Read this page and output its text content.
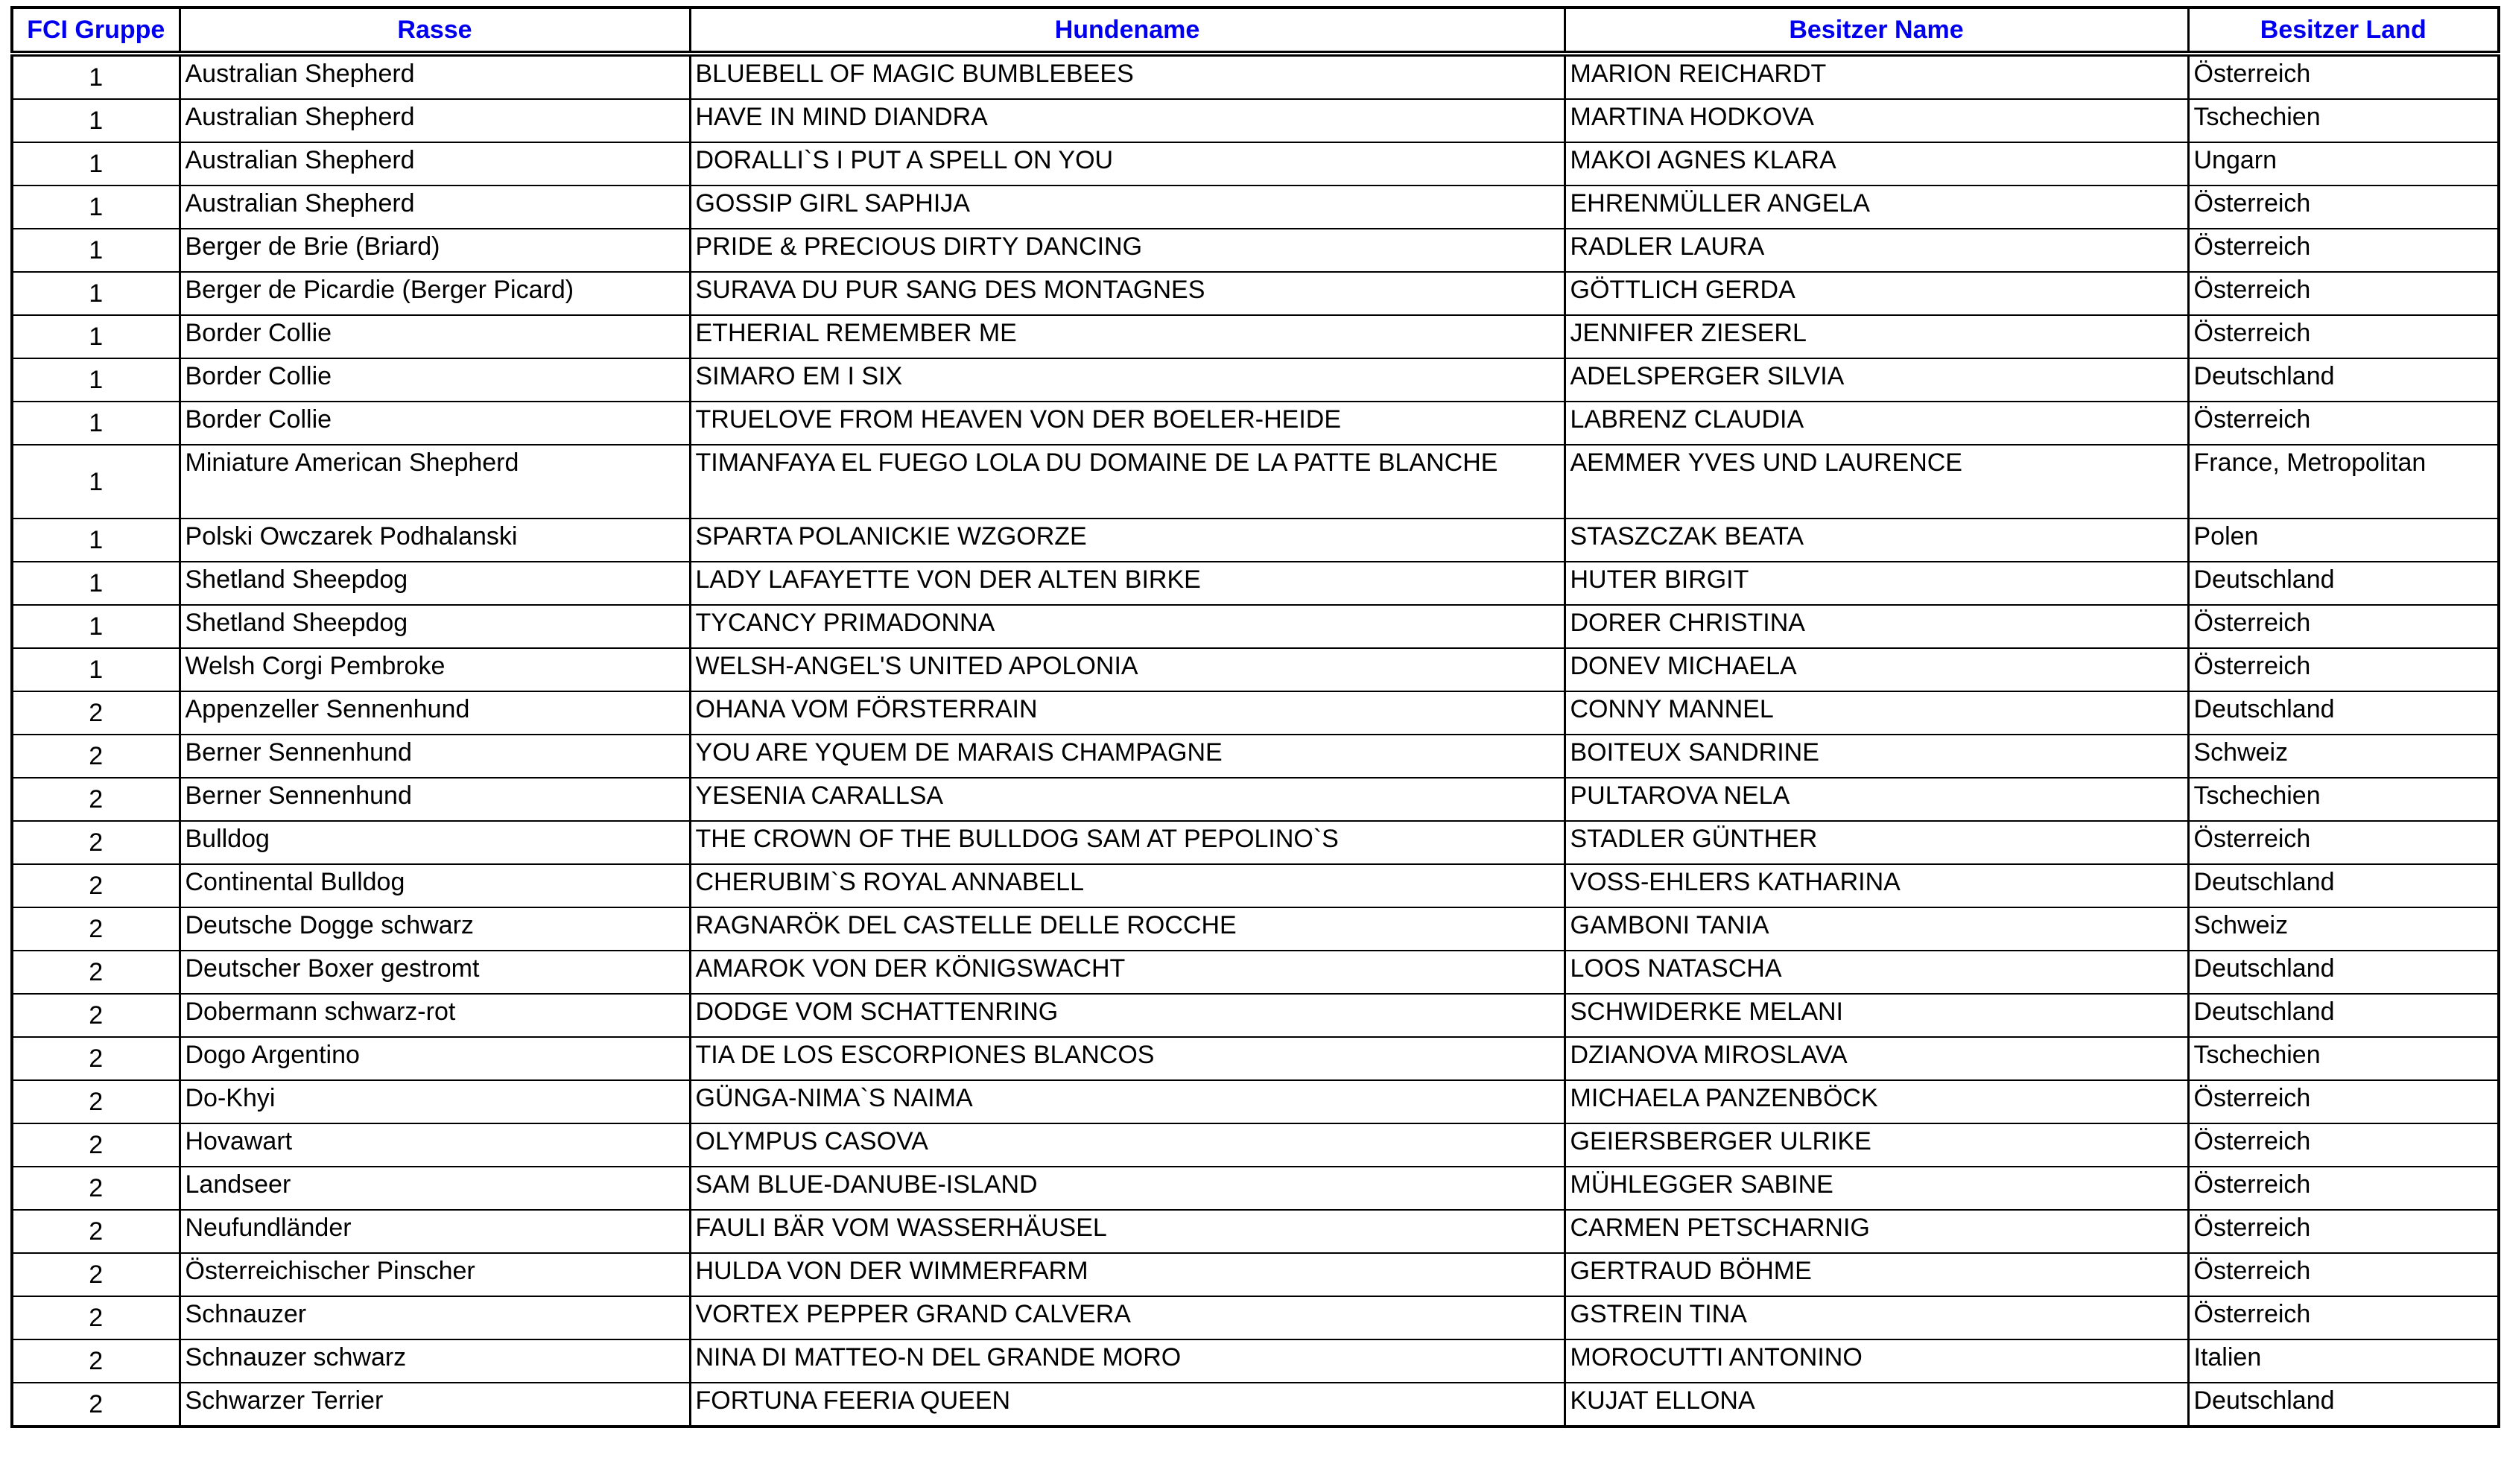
FCI Gruppe	Rasse	Hundename	Besitzer Name	Besitzer Land
1	Australian Shepherd	BLUEBELL OF MAGIC BUMBLEBEES	MARION REICHARDT	Österreich
1	Australian Shepherd	HAVE IN MIND DIANDRA	MARTINA HODKOVA	Tschechien
1	Australian Shepherd	DORALLI`S I PUT A SPELL ON YOU	MAKOI AGNES KLARA	Ungarn
1	Australian Shepherd	GOSSIP GIRL SAPHIJA	EHRENMÜLLER ANGELA	Österreich
1	Berger de Brie (Briard)	PRIDE & PRECIOUS DIRTY DANCING	RADLER LAURA	Österreich
1	Berger de Picardie (Berger Picard)	SURAVA DU PUR SANG DES MONTAGNES	GÖTTLICH GERDA	Österreich
1	Border Collie	ETHERIAL REMEMBER ME	JENNIFER ZIESERL	Österreich
1	Border Collie	SIMARO EM I SIX	ADELSPERGER SILVIA	Deutschland
1	Border Collie	TRUELOVE FROM HEAVEN VON DER BOELER-HEIDE	LABRENZ CLAUDIA	Österreich
1	Miniature American Shepherd	TIMANFAYA EL FUEGO LOLA DU DOMAINE DE LA PATTE BLANCHE	AEMMER YVES UND LAURENCE	France, Metropolitan
1	Polski Owczarek Podhalanski	SPARTA POLANICKIE WZGORZE	STASZCZAK BEATA	Polen
1	Shetland Sheepdog	LADY LAFAYETTE VON DER ALTEN BIRKE	HUTER BIRGIT	Deutschland
1	Shetland Sheepdog	TYCANCY PRIMADONNA	DORER CHRISTINA	Österreich
1	Welsh Corgi Pembroke	WELSH-ANGEL'S UNITED APOLONIA	DONEV MICHAELA	Österreich
2	Appenzeller Sennenhund	OHANA VOM FÖRSTERRAIN	CONNY MANNEL	Deutschland
2	Berner Sennenhund	YOU ARE YQUEM DE MARAIS CHAMPAGNE	BOITEUX SANDRINE	Schweiz
2	Berner Sennenhund	YESENIA CARALLSA	PULTAROVA NELA	Tschechien
2	Bulldog	THE CROWN OF THE BULLDOG SAM AT PEPOLINO`S	STADLER GÜNTHER	Österreich
2	Continental Bulldog	CHERUBIM`S ROYAL ANNABELL	VOSS-EHLERS KATHARINA	Deutschland
2	Deutsche Dogge schwarz	RAGNARÖK DEL CASTELLE DELLE ROCCHE	GAMBONI TANIA	Schweiz
2	Deutscher Boxer gestromt	AMAROK VON DER KÖNIGSWACHT	LOOS NATASCHA	Deutschland
2	Dobermann schwarz-rot	DODGE VOM SCHATTENRING	SCHWIDERKE MELANI	Deutschland
2	Dogo Argentino	TIA DE LOS ESCORPIONES BLANCOS	DZIANOVA MIROSLAVA	Tschechien
2	Do-Khyi	GÜNGA-NIMA`S NAIMA	MICHAELA PANZENBÖCK	Österreich
2	Hovawart	OLYMPUS CASOVA	GEIERSBERGER ULRIKE	Österreich
2	Landseer	SAM BLUE-DANUBE-ISLAND	MÜHLEGGER SABINE	Österreich
2	Neufundländer	FAULI BÄR VOM WASSERHÄUSEL	CARMEN PETSCHARNIG	Österreich
2	Österreichischer Pinscher	HULDA VON DER WIMMERFARM	GERTRAUD BÖHME	Österreich
2	Schnauzer	VORTEX PEPPER GRAND CALVERA	GSTREIN TINA	Österreich
2	Schnauzer schwarz	NINA DI MATTEO-N DEL GRANDE MORO	MOROCUTTI ANTONINO	Italien
2	Schwarzer Terrier	FORTUNA FEERIA QUEEN	KUJAT ELLONA	Deutschland
